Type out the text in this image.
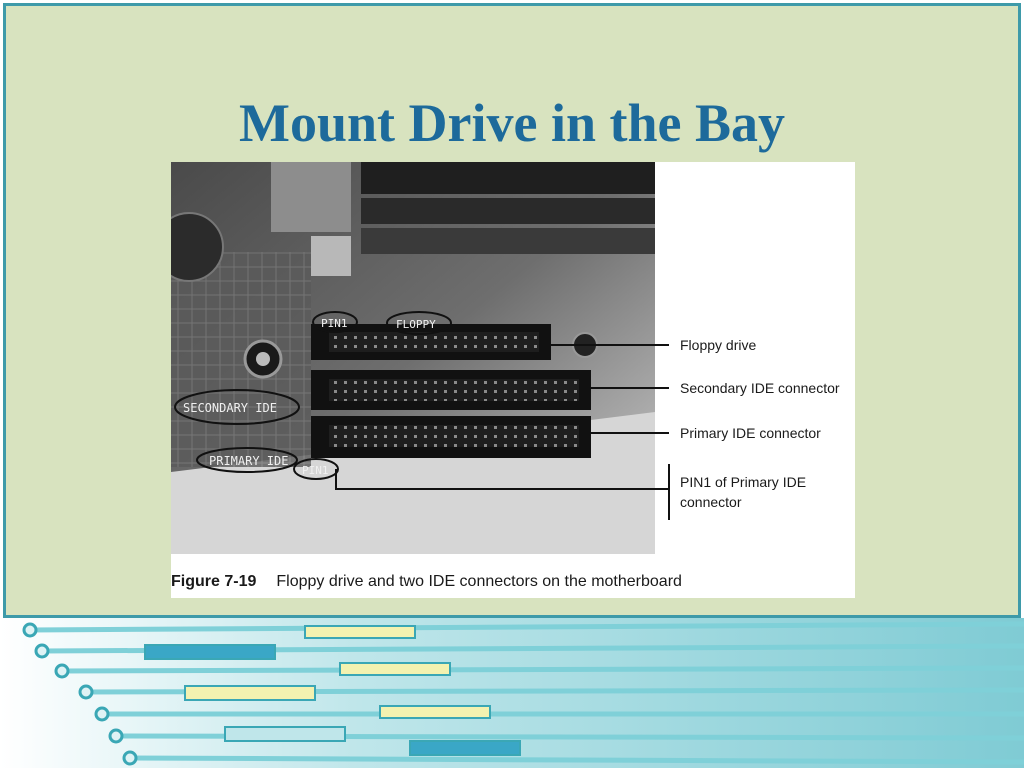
Mount Drive in the Bay
PIN1	FLOPPY
SECONDARY IDE
PRIMARY IDE
PIN1
Floppy drive
Secondary IDE connector
Primary IDE connector
PIN1 of Primary IDE
connector
Figure 7-19 Floppy drive and two IDE connectors on the motherboard
